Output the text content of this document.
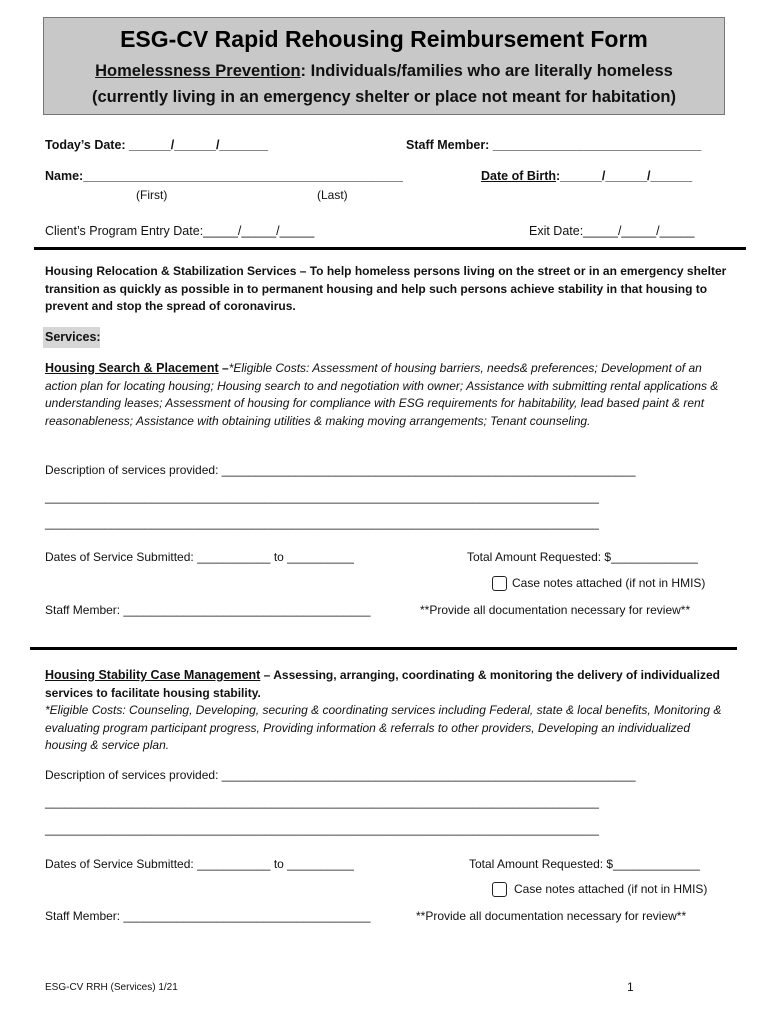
ESG-CV Rapid Rehousing Reimbursement Form
Homelessness Prevention: Individuals/families who are literally homeless
(currently living in an emergency shelter or place not meant for habitation)
Today’s Date: ______/______/_______	Staff Member: ______________________________
Name:______________________________________________	Date of Birth:______/______/______
(First)	(Last)
Client’s Program Entry Date:_____/_____/_____	Exit Date:_____/_____/_____
Housing Relocation & Stabilization Services – To help homeless persons living on the street or in an emergency shelter transition as quickly as possible in to permanent housing and help such persons achieve stability in that housing to prevent and stop the spread of coronavirus.
Services:
Housing Search & Placement –*Eligible Costs: Assessment of housing barriers, needs& preferences; Development of an action plan for locating housing; Housing search to and negotiation with owner; Assistance with submitting rental applications & understanding leases; Assessment of housing for compliance with ESG requirements for habitability, lead based paint & rent reasonableness; Assistance with obtaining utilities & making moving arrangements; Tenant counseling.
Description of services provided: ______________________________________________________________
___________________________________________________________________________________
___________________________________________________________________________________
Dates of Service Submitted: ___________ to __________	Total Amount Requested: $_____________
Case notes attached (if not in HMIS)
Staff Member: _____________________________________	**Provide all documentation necessary for review**
Housing Stability Case Management – Assessing, arranging, coordinating & monitoring the delivery of individualized services to facilitate housing stability.
*Eligible Costs: Counseling, Developing, securing & coordinating services including Federal, state & local benefits, Monitoring & evaluating program participant progress, Providing information & referrals to other providers, Developing an individualized housing & service plan.
Description of services provided: ______________________________________________________________
___________________________________________________________________________________
___________________________________________________________________________________
Dates of Service Submitted: ___________ to __________	Total Amount Requested: $_____________
Case notes attached (if not in HMIS)
Staff Member: _____________________________________	**Provide all documentation necessary for review**
ESG-CV RRH (Services) 1/21	1
